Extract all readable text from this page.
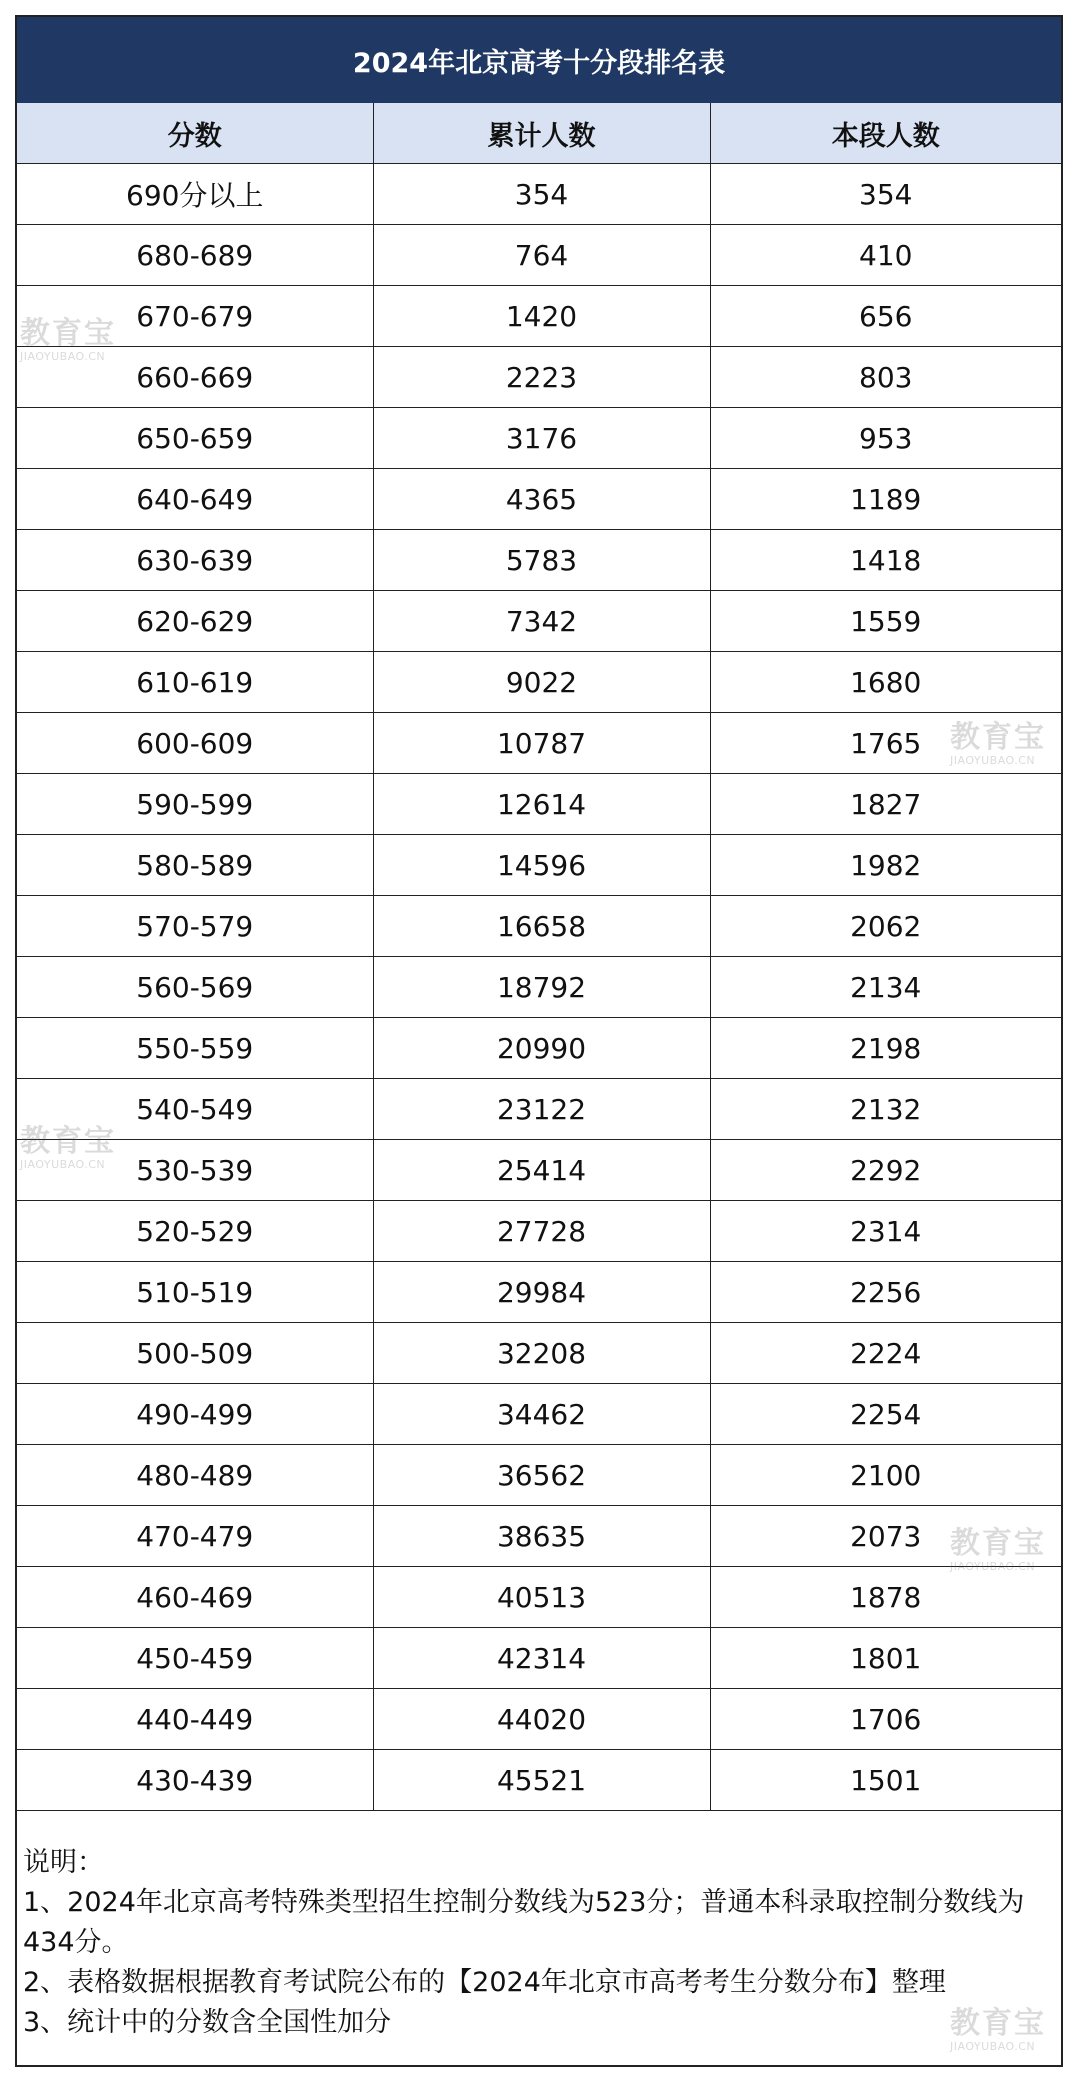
2024年北京高考十分段排名表
分数	累计人数	本段人数
690分以上	354	354
680-689	764	410
670-679	1420	656
660-669	2223	803
650-659	3176	953
640-649	4365	1189
630-639	5783	1418
620-629	7342	1559
610-619	9022	1680
600-609	10787	1765
590-599	12614	1827
580-589	14596	1982
570-579	16658	2062
560-569	18792	2134
550-559	20990	2198
540-549	23122	2132
530-539	25414	2292
520-529	27728	2314
510-519	29984	2256
500-509	32208	2224
490-499	34462	2254
480-489	36562	2100
470-479	38635	2073
460-469	40513	1878
450-459	42314	1801
440-449	44020	1706
430-439	45521	1501
说明：
1、2024年北京高考特殊类型招生控制分数线为523分；普通本科录取控制分数线为434分。
2、表格数据根据教育考试院公布的【2024年北京市高考考生分数分布】整理
3、统计中的分数含全国性加分
教育宝
JIAOYUBAO.CN
教育宝
JIAOYUBAO.CN
教育宝
JIAOYUBAO.CN
教育宝
JIAOYUBAO.CN
教育宝
JIAOYUBAO.CN
